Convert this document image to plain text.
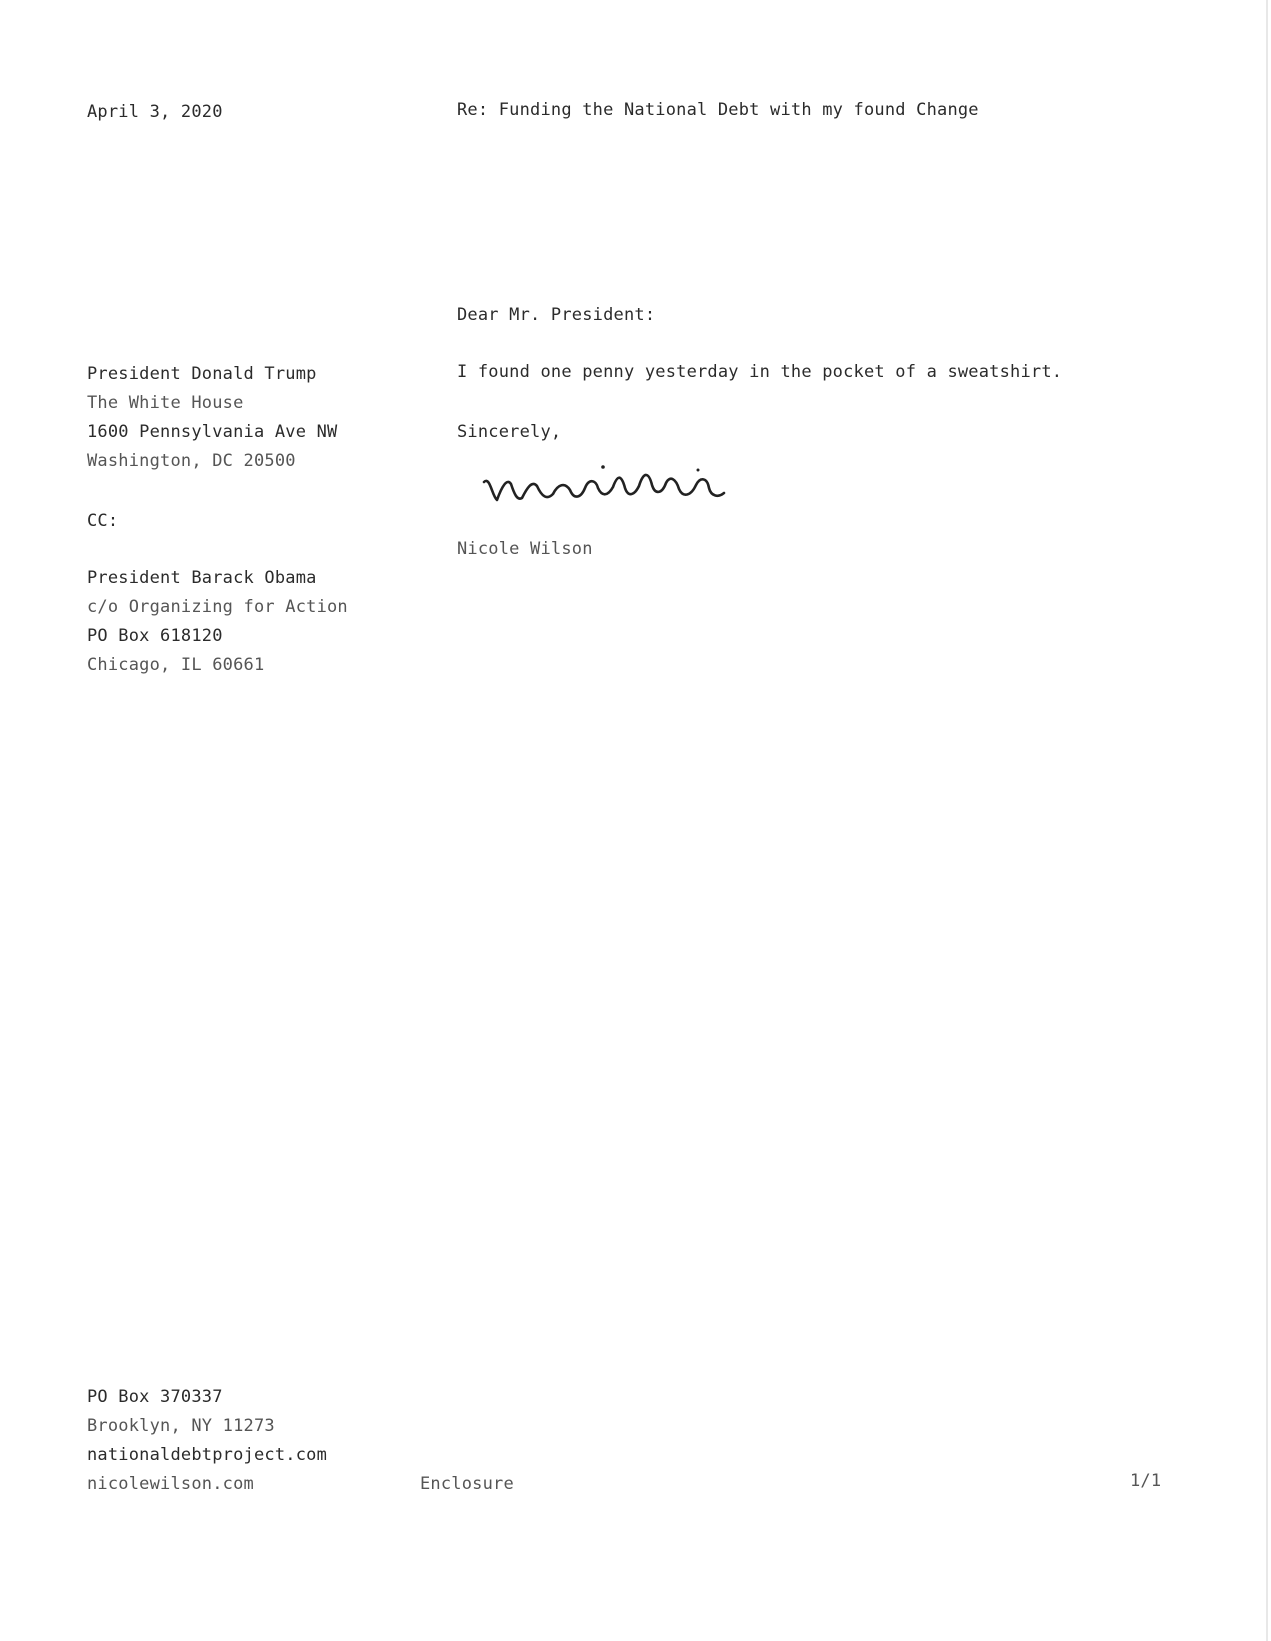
April 3, 2020	Re: Funding the National Debt with my found Change

President Donald Trump
The White House
1600 Pennsylvania Ave NW
Washington, DC 20500

CC:

President Barack Obama
c/o Organizing for Action
PO Box 618120
Chicago, IL 60661

Dear Mr. President:

I found one penny yesterday in the pocket of a sweatshirt.

Sincerely,

Nicole Wilson

PO Box 370337
Brooklyn, NY 11273
nationaldebtproject.com
nicolewilson.com	Enclosure	1/1
